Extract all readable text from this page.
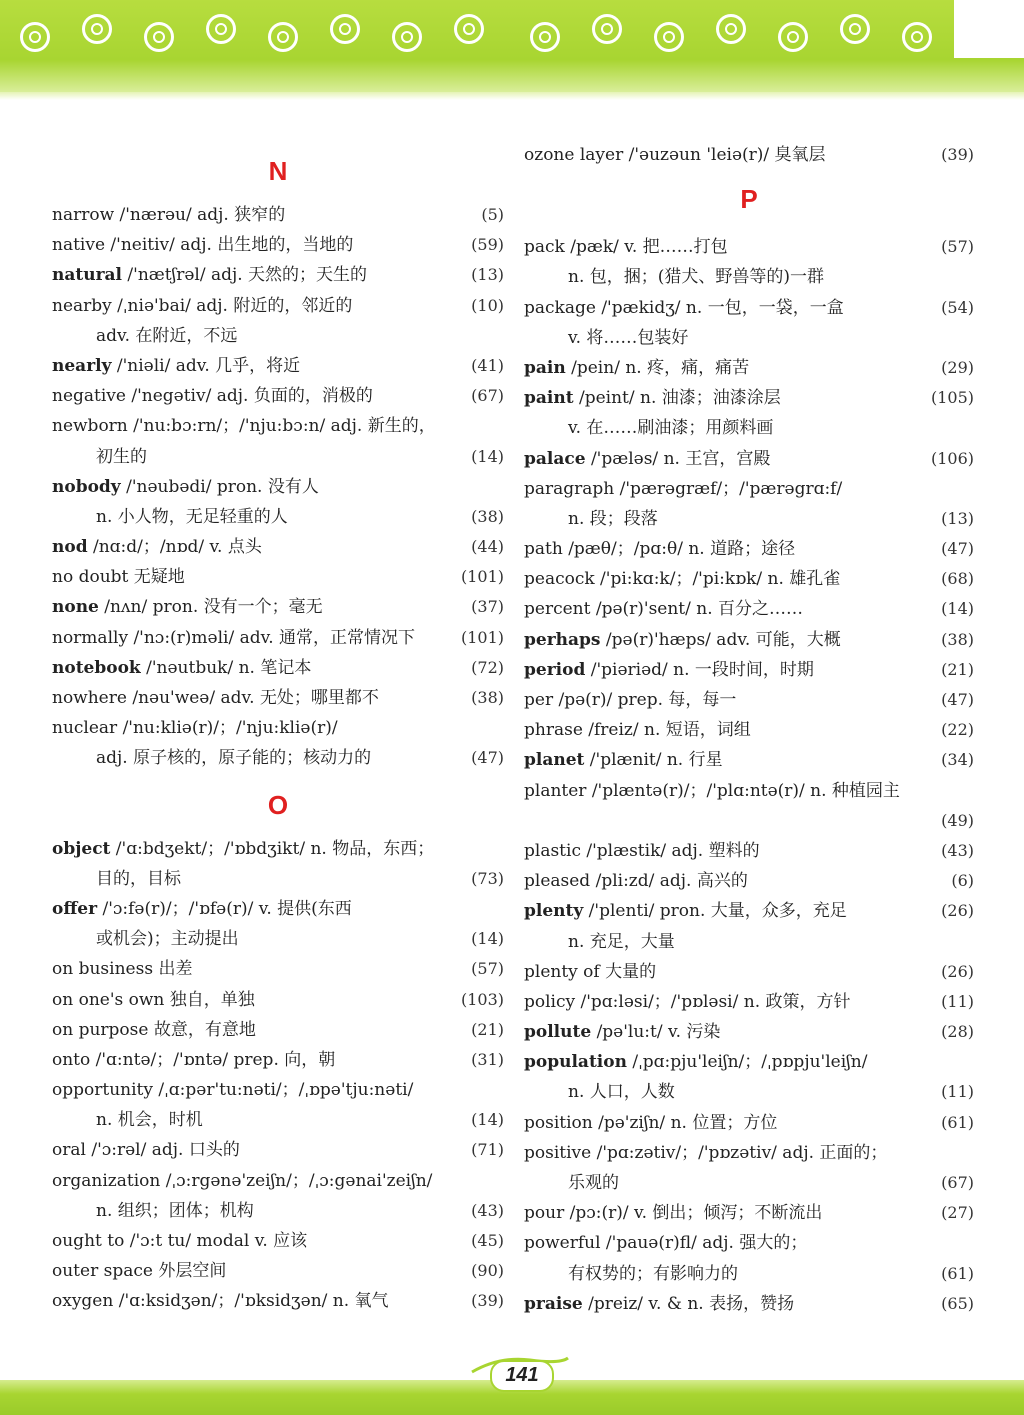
N
narrow /'nærəu/ adj. 狭窄的	(5)
native /'neitiv/ adj. 出生地的，当地的	(59)
natural /'nætʃrəl/ adj. 天然的；天生的	(13)
nearby /ˌniə'bai/ adj. 附近的，邻近的	(10)
adv. 在附近，不远
nearly /'niəli/ adv. 几乎，将近	(41)
negative /'negətiv/ adj. 负面的，消极的	(67)
newborn /'nu:bɔ:rn/；/'nju:bɔ:n/ adj. 新生的，
初生的	(14)
nobody /'nəubədi/ pron. 没有人
n. 小人物，无足轻重的人	(38)
nod /nɑ:d/；/nɒd/ v. 点头	(44)
no doubt 无疑地	(101)
none /nʌn/ pron. 没有一个；毫无	(37)
normally /'nɔ:(r)məli/ adv. 通常，正常情况下	(101)
notebook /'nəutbuk/ n. 笔记本	(72)
nowhere /nəu'weə/ adv. 无处；哪里都不	(38)
nuclear /'nu:kliə(r)/；/'nju:kliə(r)/
adj. 原子核的，原子能的；核动力的	(47)
O
object /'ɑ:bdʒekt/；/'ɒbdʒikt/ n. 物品，东西；
目的，目标	(73)
offer /'ɔ:fə(r)/；/'ɒfə(r)/ v. 提供(东西
或机会)；主动提出	(14)
on business 出差	(57)
on one's own 独自，单独	(103)
on purpose 故意，有意地	(21)
onto /'ɑ:ntə/；/'ɒntə/ prep. 向，朝	(31)
opportunity /ˌɑ:pər'tu:nəti/；/ˌɒpə'tju:nəti/
n. 机会，时机	(14)
oral /'ɔ:rəl/ adj. 口头的	(71)
organization /ˌɔ:rgənə'zeiʃn/；/ˌɔ:gənai'zeiʃn/
n. 组织；团体；机构	(43)
ought to /'ɔ:t tu/ modal v. 应该	(45)
outer space 外层空间	(90)
oxygen /'ɑ:ksidʒən/；/'ɒksidʒən/ n. 氧气	(39)
ozone layer /'əuzəun 'leiə(r)/ 臭氧层	(39)
P
pack /pæk/ v. 把……打包	(57)
n. 包，捆；(猎犬、野兽等的)一群
package /'pækidʒ/ n. 一包，一袋，一盒	(54)
v. 将……包装好
pain /pein/ n. 疼，痛，痛苦	(29)
paint /peint/ n. 油漆；油漆涂层	(105)
v. 在……刷油漆；用颜料画
palace /'pæləs/ n. 王宫，宫殿	(106)
paragraph /'pærəgræf/；/'pærəgrɑ:f/
n. 段；段落	(13)
path /pæθ/；/pɑ:θ/ n. 道路；途径	(47)
peacock /'pi:kɑ:k/；/'pi:kɒk/ n. 雄孔雀	(68)
percent /pə(r)'sent/ n. 百分之……	(14)
perhaps /pə(r)'hæps/ adv. 可能，大概	(38)
period /'piəriəd/ n. 一段时间，时期	(21)
per /pə(r)/ prep. 每，每一	(47)
phrase /freiz/ n. 短语，词组	(22)
planet /'plænit/ n. 行星	(34)
planter /'plæntə(r)/；/'plɑ:ntə(r)/ n. 种植园主
(49)
plastic /'plæstik/ adj. 塑料的	(43)
pleased /pli:zd/ adj. 高兴的	(6)
plenty /'plenti/ pron. 大量，众多，充足	(26)
n. 充足，大量
plenty of 大量的	(26)
policy /'pɑ:ləsi/；/'pɒləsi/ n. 政策，方针	(11)
pollute /pə'lu:t/ v. 污染	(28)
population /ˌpɑ:pju'leiʃn/；/ˌpɒpju'leiʃn/
n. 人口，人数	(11)
position /pə'ziʃn/ n. 位置；方位	(61)
positive /'pɑ:zətiv/；/'pɒzətiv/ adj. 正面的；
乐观的	(67)
pour /pɔ:(r)/ v. 倒出；倾泻；不断流出	(27)
powerful /'pauə(r)fl/ adj. 强大的；
有权势的；有影响力的	(61)
praise /preiz/ v. & n. 表扬，赞扬	(65)
141
